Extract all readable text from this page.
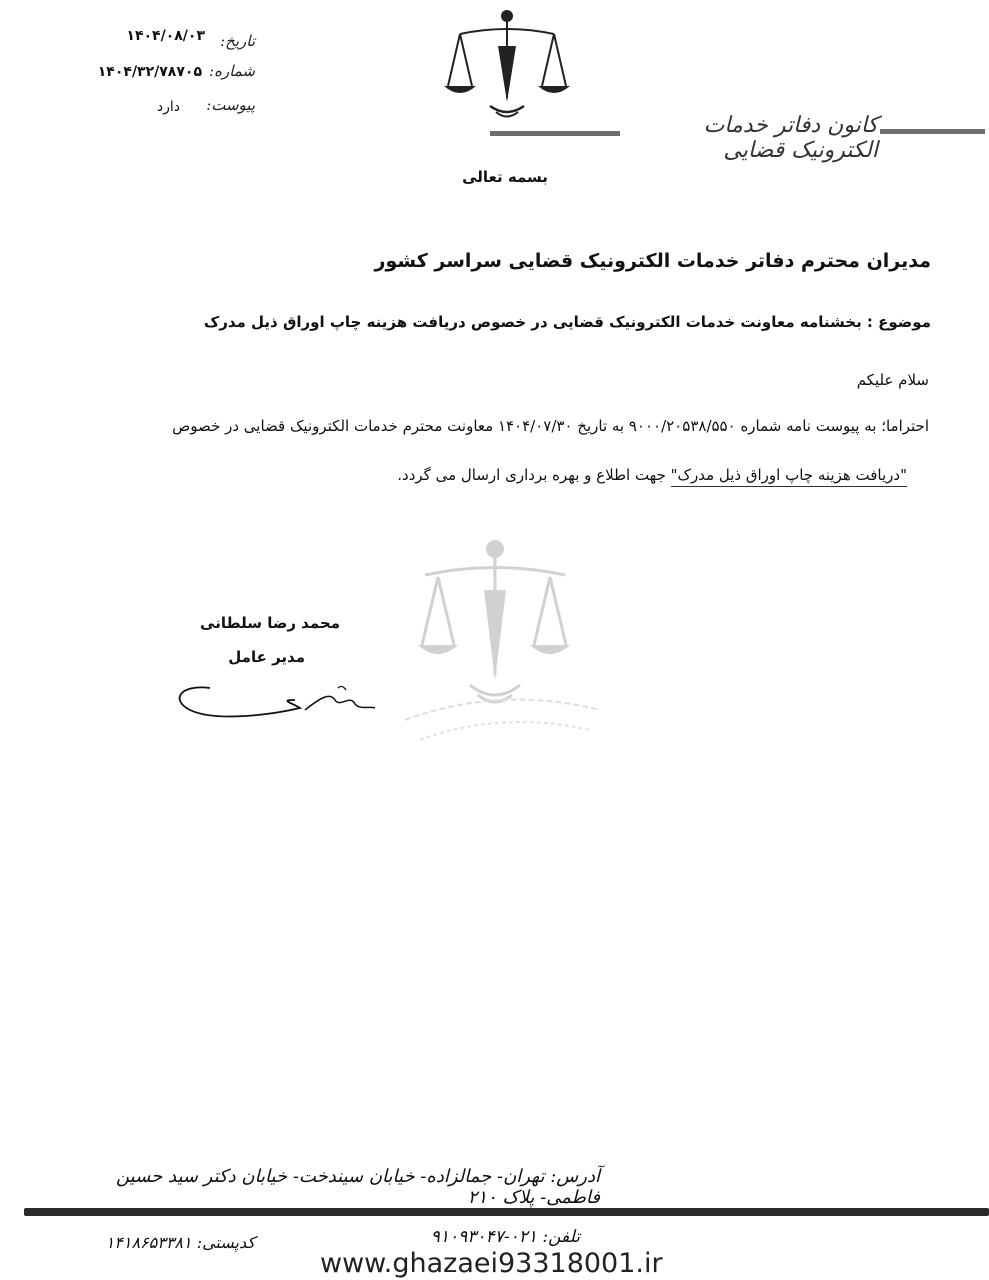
تاریخ:
۱۴۰۴/۰۸/۰۳
شماره:
۱۴۰۴/۳۲/۷۸۷۰۵
پیوست:
دارد
کانون دفاتر خدمات الکترونیک قضایی
بسمه تعالی
مدیران محترم دفاتر خدمات الکترونیک قضایی سراسر کشور
موضوع : بخشنامه معاونت خدمات الکترونیک قضایی در خصوص دریافت هزینه چاپ اوراق ذیل مدرک
سلام علیکم
احتراما؛ به پیوست نامه شماره ۹۰۰۰/۲۰۵۳۸/۵۵۰ به تاریخ ۱۴۰۴/۰۷/۳۰ معاونت محترم خدمات الکترونیک قضایی در خصوص
"دریافت هزینه چاپ اوراق ذیل مدرک" جهت اطلاع و بهره برداری ارسال می گردد.
محمد رضا سلطانی
مدیر عامل
آدرس: تهران- جمالزاده- خیابان سیندخت- خیابان دکتر سید حسین فاطمی- پلاک ۲۱۰
تلفن: ۰۲۱-۹۱۰۹۳۰۴۷
کدپستی: ۱۴۱۸۶۵۳۳۸۱
www.ghazaei93318001.ir
